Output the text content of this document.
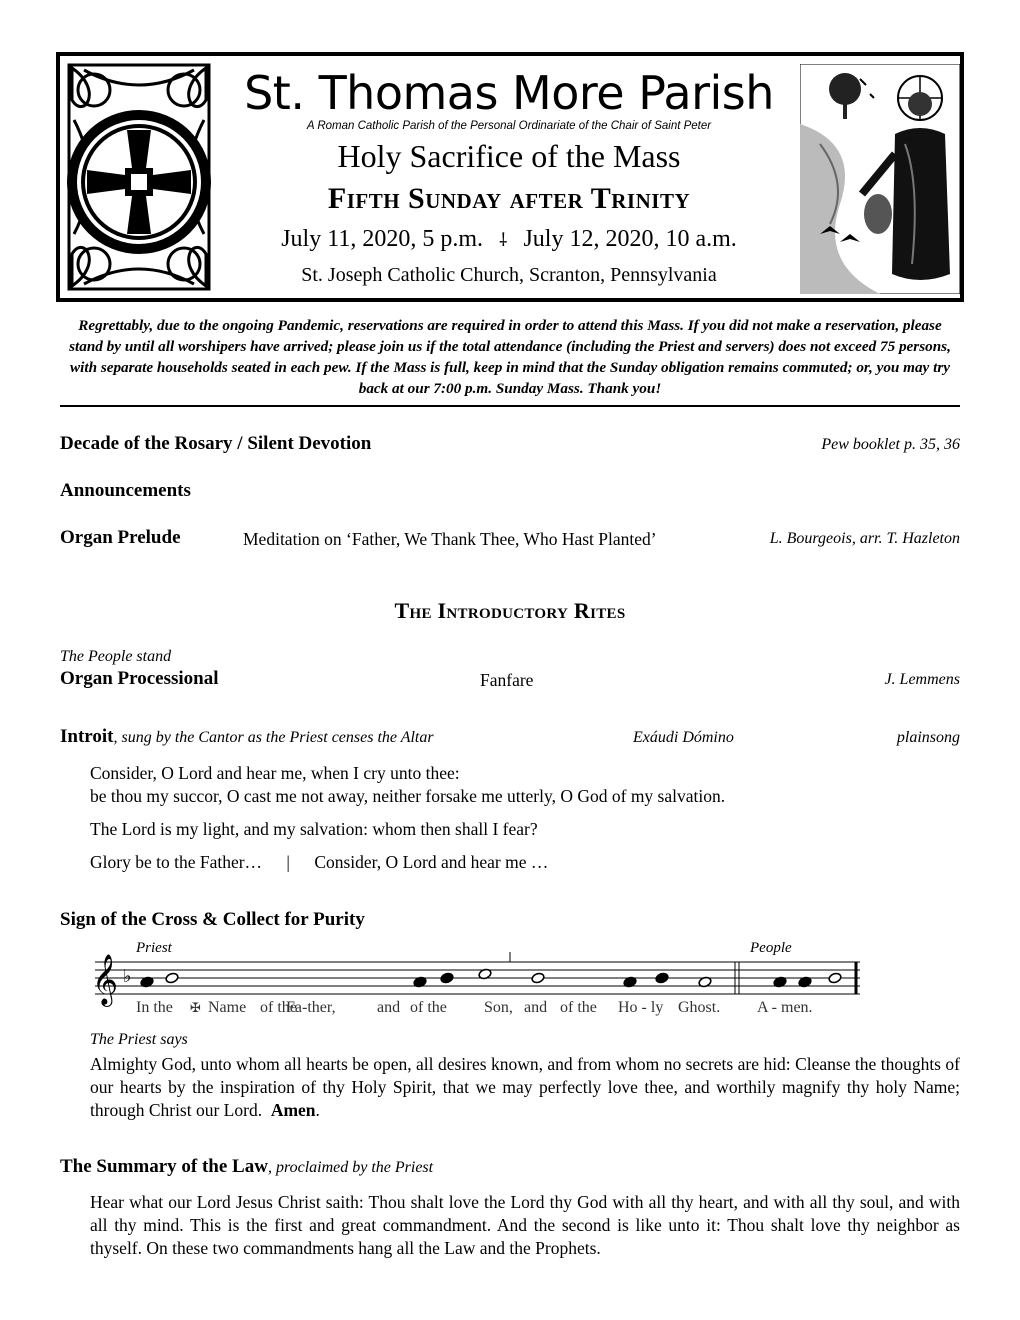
St. Thomas More Parish
A Roman Catholic Parish of the Personal Ordinariate of the Chair of Saint Peter
Holy Sacrifice of the Mass
Fifth Sunday after Trinity
July 11, 2020, 5 p.m. ⸸ July 12, 2020, 10 a.m.
St. Joseph Catholic Church, Scranton, Pennsylvania
Regrettably, due to the ongoing Pandemic, reservations are required in order to attend this Mass. If you did not make a reservation, please stand by until all worshipers have arrived; please join us if the total attendance (including the Priest and servers) does not exceed 75 persons, with separate households seated in each pew. If the Mass is full, keep in mind that the Sunday obligation remains commuted; or, you may try back at our 7:00 p.m. Sunday Mass. Thank you!
Decade of the Rosary / Silent Devotion	Pew booklet p. 35, 36
Announcements
Organ Prelude	Meditation on ‘Father, We Thank Thee, Who Hast Planted’	L. Bourgeois, arr. T. Hazleton
The Introductory Rites
The People stand
Organ Processional	Fanfare	J. Lemmens
Introit, sung by the Cantor as the Priest censes the Altar	Exáudi Dómino	plainsong
Consider, O Lord and hear me, when I cry unto thee:
be thou my succor, O cast me not away, neither forsake me utterly, O God of my salvation.
The Lord is my light, and my salvation: whom then shall I fear?
Glory be to the Father… | Consider, O Lord and hear me …
Sign of the Cross & Collect for Purity
𝄞 ♭
Priest	People
In the ✠ Name of the
Fa-ther,	and of the Son, and of the Ho - ly Ghost. A - men.
The Priest says
Almighty God, unto whom all hearts be open, all desires known, and from whom no secrets are hid: Cleanse the thoughts of our hearts by the inspiration of thy Holy Spirit, that we may perfectly love thee, and worthily magnify thy holy Name; through Christ our Lord. Amen.
The Summary of the Law, proclaimed by the Priest
Hear what our Lord Jesus Christ saith: Thou shalt love the Lord thy God with all thy heart, and with all thy soul, and with all thy mind. This is the first and great commandment. And the second is like unto it: Thou shalt love thy neighbor as thyself. On these two commandments hang all the Law and the Prophets.
